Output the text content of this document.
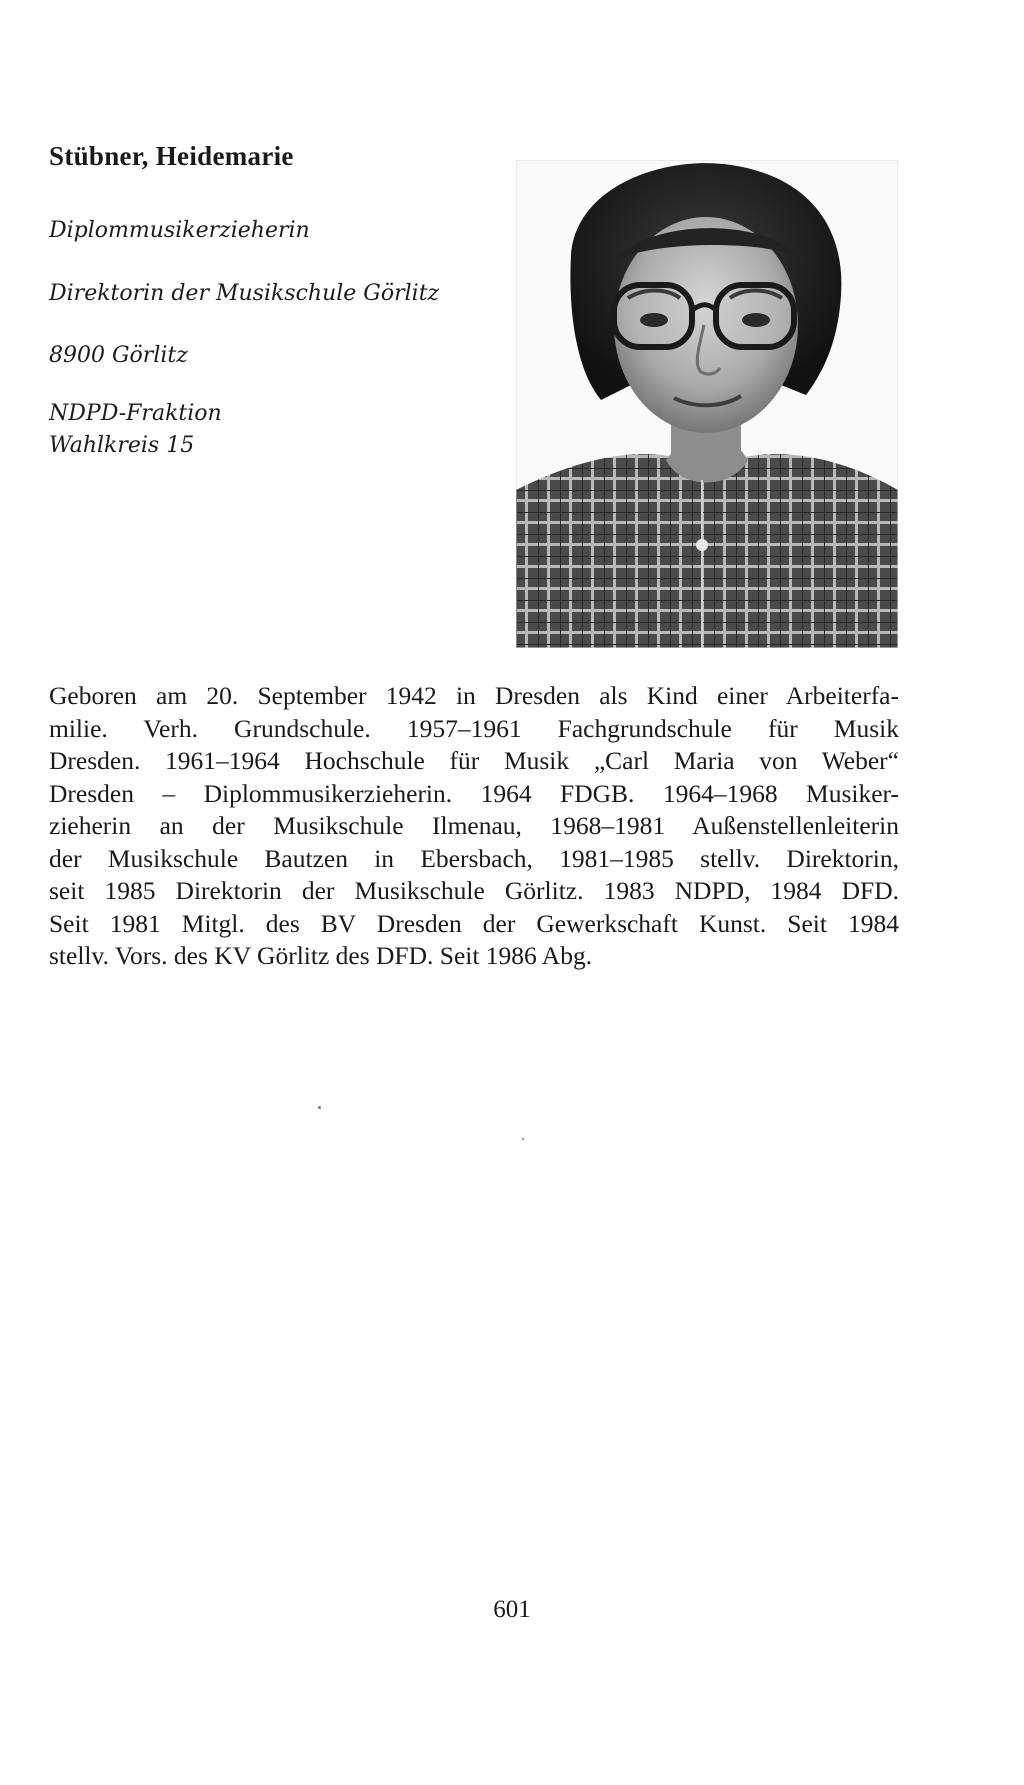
Stübner, Heidemarie
Diplommusikerzieherin
Direktorin der Musikschule Görlitz
8900 Görlitz
NDPD-Fraktion
Wahlkreis 15
Geboren am 20. September 1942 in Dresden als Kind einer Arbeiterfa-
milie. Verh. Grundschule. 1957–1961 Fachgrundschule für Musik
Dresden. 1961–1964 Hochschule für Musik „Carl Maria von Weber“
Dresden – Diplommusikerzieherin. 1964 FDGB. 1964–1968 Musiker-
zieherin an der Musikschule Ilmenau, 1968–1981 Außenstellenleiterin
der Musikschule Bautzen in Ebersbach, 1981–1985 stellv. Direktorin,
seit 1985 Direktorin der Musikschule Görlitz. 1983 NDPD, 1984 DFD.
Seit 1981 Mitgl. des BV Dresden der Gewerkschaft Kunst. Seit 1984
stellv. Vors. des KV Görlitz des DFD. Seit 1986 Abg.
601
